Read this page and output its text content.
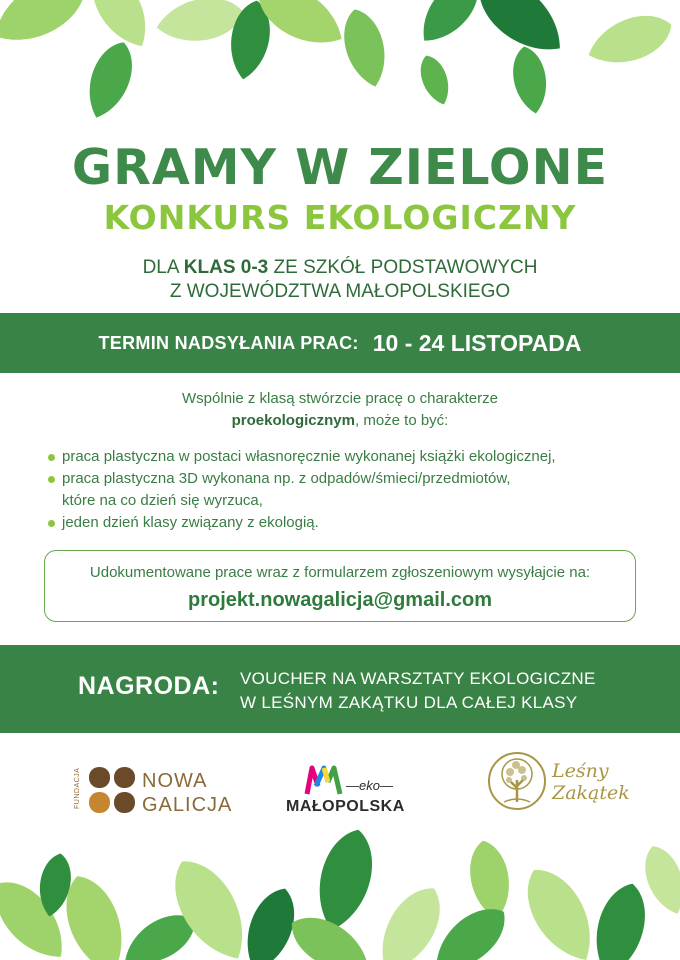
GRAMY W ZIELONE
KONKURS EKOLOGICZNY
DLA KLAS 0-3 ZE SZKÓŁ PODSTAWOWYCH
Z WOJEWÓDZTWA MAŁOPOLSKIEGO
TERMIN NADSYŁANIA PRAC: 10 - 24 LISTOPADA
Wspólnie z klasą stwórzcie pracę o charakterze
proekologicznym, może to być:
praca plastyczna w postaci własnoręcznie wykonanej książki ekologicznej,
praca plastyczna 3D wykonana np. z odpadów/śmieci/przedmiotów,
które na co dzień się wyrzuca,
jeden dzień klasy związany z ekologią.
Udokumentowane prace wraz z formularzem zgłoszeniowym wysyłajcie na:
projekt.nowagalicja@gmail.com
NAGRODA: VOUCHER NA WARSZTATY EKOLOGICZNE
W LEŚNYM ZAKĄTKU DLA CAŁEJ KLASY
FUNDACJA	NOWA
GALICJA
—eko—
MAŁOPOLSKA
Leśny
Zakątek
